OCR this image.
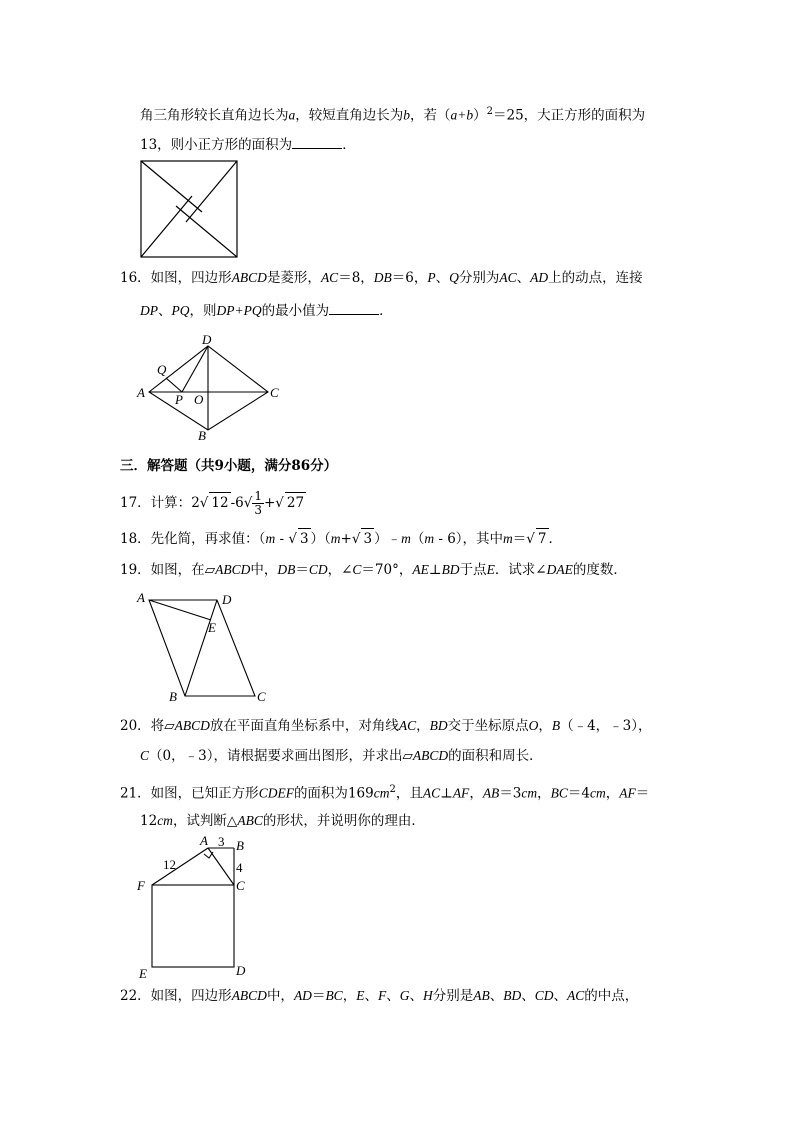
角三角形较长直角边长为a，较短直角边长为b，若$(a+b)^2=25$，大正方形的面积为
13，则小正方形的面积为	．
16．如图，四边形ABCD是菱形，AC＝8，DB＝6，P、Q分别为AC、AD上的动点，连接
DP、PQ，则DP+PQ的最小值为	．
D
Q
A P O	C
B
三．解答题（共9小题，满分86分）
17．计算：2√ 12 $-6√ \frac{1}{3}$ +√ 27
18．先化简，再求值：（m - √ 3 ）（m+√ 3 ）﹣m（m - 6），其中m＝√ 7 ．
19．如图，在▱ABCD中，DB＝CD，∠C＝70°，AE⊥BD于点E．试求∠DAE的度数．
A	D
E
B	C
20．将▱ABCD放在平面直角坐标系中，对角线AC，BD交于坐标原点O，B（﹣4，﹣3），
C（0，﹣3），请根据要求画出图形，并求出▱ABCD的面积和周长．
21．如图，已知正方形CDEF的面积为$169cm^2$，且AC⊥AF，AB＝3cm，BC＝4cm，AF＝
12cm，试判断△ABC的形状，并说明你的理由．
A 3 B
12	4
F	C
E	D
22．如图，四边形ABCD中，AD＝BC，E、F、G、H分别是AB、BD、CD、AC的中点，
